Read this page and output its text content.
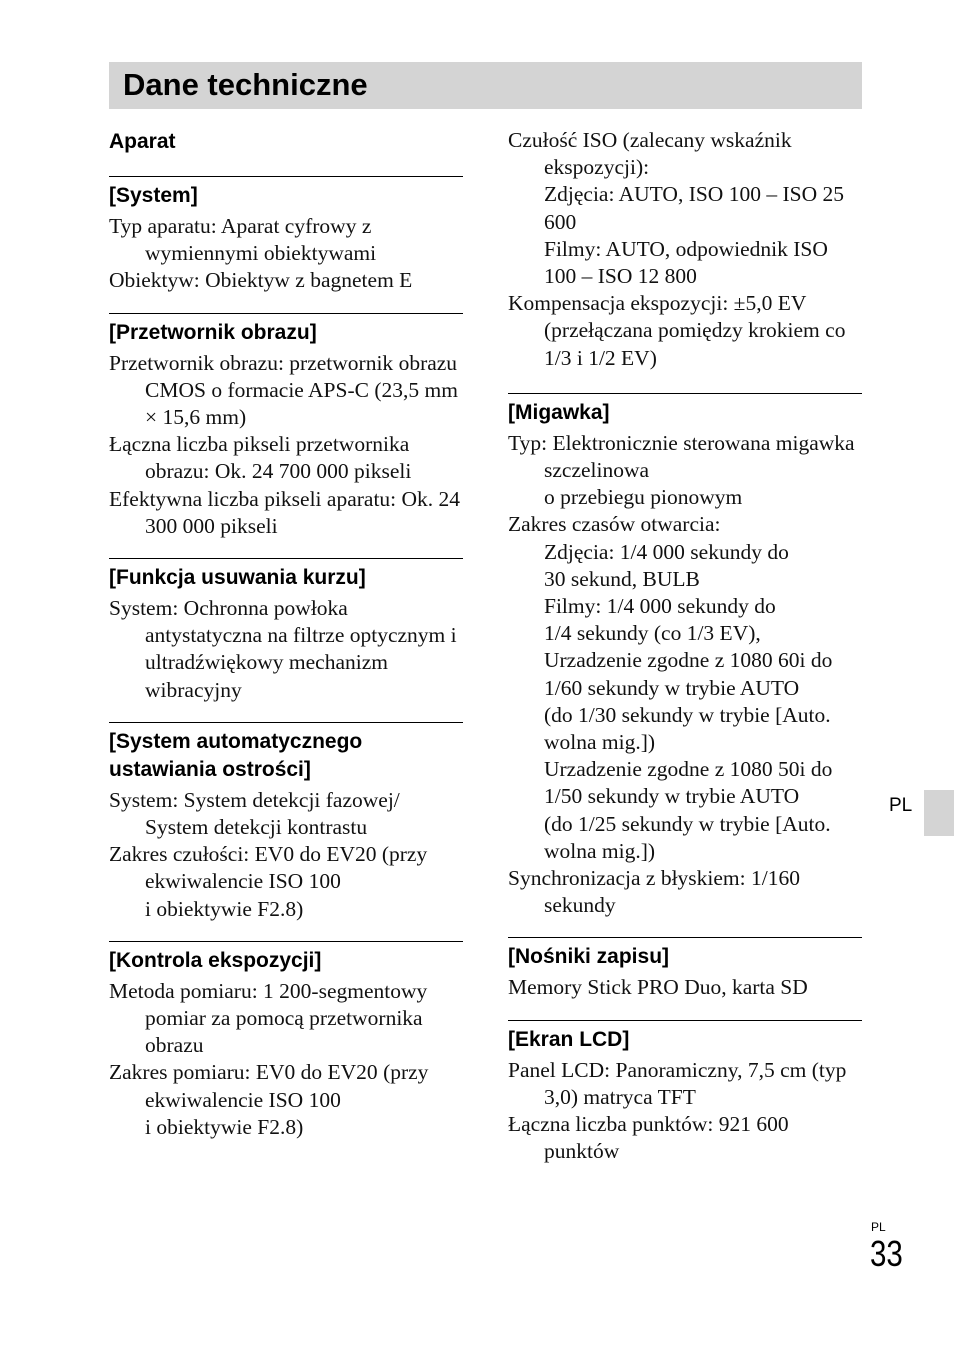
Dane techniczne
Aparat
[System]
Typ aparatu: Aparat cyfrowy z wymiennymi obiektywami
Obiektyw: Obiektyw z bagnetem E
[Przetwornik obrazu]
Przetwornik obrazu: przetwornik obrazu CMOS o formacie APS-C (23,5 mm × 15,6 mm)
Łączna liczba pikseli przetwornika obrazu: Ok. 24 700 000 pikseli
Efektywna liczba pikseli aparatu: Ok. 24 300 000 pikseli
[Funkcja usuwania kurzu]
System: Ochronna powłoka antystatyczna na filtrze optycznym i ultradźwiękowy mechanizm wibracyjny
[System automatycznego
ustawiania ostrości]
System: System detekcji fazowej/ System detekcji kontrastu
Zakres czułości: EV0 do EV20 (przy ekwiwalencie ISO 100
i obiektywie F2.8)
[Kontrola ekspozycji]
Metoda pomiaru: 1 200-segmentowy pomiar za pomocą przetwornika obrazu
Zakres pomiaru: EV0 do EV20 (przy ekwiwalencie ISO 100
i obiektywie F2.8)
Czułość ISO (zalecany wskaźnik ekspozycji):
Zdjęcia: AUTO, ISO 100 – ISO 25 600
Filmy: AUTO, odpowiednik ISO 100 – ISO 12 800
Kompensacja ekspozycji: ±5,0 EV (przełączana pomiędzy krokiem co 1/3 i 1/2 EV)
[Migawka]
Typ: Elektronicznie sterowana migawka szczelinowa
o przebiegu pionowym
Zakres czasów otwarcia:
Zdjęcia: 1/4 000 sekundy do
30 sekund, BULB
Filmy: 1/4 000 sekundy do
1/4 sekundy (co 1/3 EV),
Urzadzenie zgodne z 1080 60i do
1/60 sekundy w trybie AUTO
(do 1/30 sekundy w trybie [Auto.
wolna mig.])
Urzadzenie zgodne z 1080 50i do
1/50 sekundy w trybie AUTO
(do 1/25 sekundy w trybie [Auto.
wolna mig.])
Synchronizacja z błyskiem: 1/160 sekundy
[Nośniki zapisu]
Memory Stick PRO Duo, karta SD
[Ekran LCD]
Panel LCD: Panoramiczny, 7,5 cm (typ 3,0) matryca TFT
Łączna liczba punktów: 921 600 punktów
PL
PL
33
